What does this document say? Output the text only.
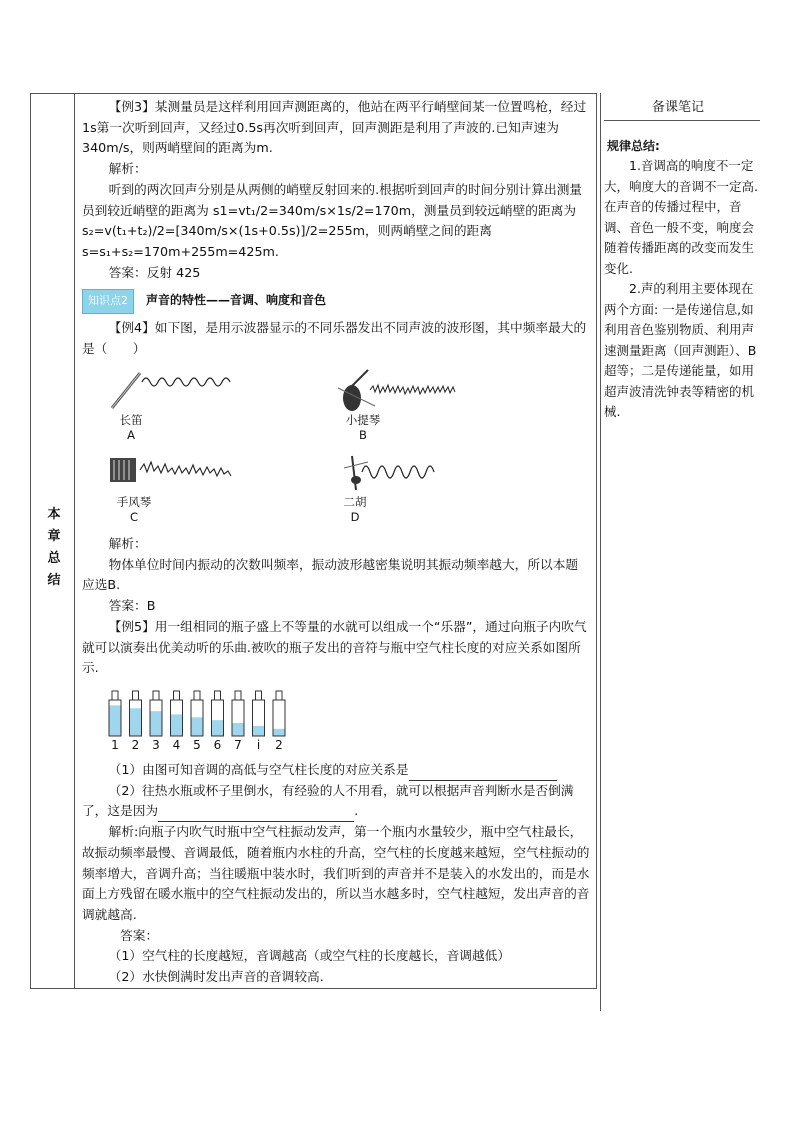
本
章
总
结
备课笔记
规律总结:

1.音调高的响度不一定大，响度大的音调不一定高.在声音的传播过程中，音调、音色一般不变，响度会随着传播距离的改变而发生变化.

2.声的利用主要体现在两个方面: 一是传递信息,如利用音色鉴别物质、利用声速测量距离（回声测距）、B超等；二是传递能量，如用超声波清洗钟表等精密的机械.

【例3】某测量员是这样利用回声测距离的，他站在两平行峭壁间某一位置鸣枪，经过1s第一次听到回声，又经过0.5s再次听到回声，回声测距是利用了声波的.已知声速为340m/s，则两峭壁间的距离为m.

解析：

听到的两次回声分别是从两侧的峭壁反射回来的.根据听到回声的时间分别计算出测量员到较近峭壁的距离为 s1=vt₁/2=340m/s×1s/2=170m，测量员到较远峭壁的距离为 s₂=v(t₁+t₂)/2=[340m/s×(1s+0.5s)]/2=255m，则两峭壁之间的距离s=s₁+s₂=170m+255m=425m.

答案：反射 425

知识点2 声音的特性——音调、响度和音色

【例4】如下图，是用示波器显示的不同乐器发出不同声波的波形图，其中频率最大的是（　　）

长笛
A
小提琴
B
手风琴
C
二胡
D

解析：

物体单位时间内振动的次数叫频率，振动波形越密集说明其振动频率越大，所以本题应选B.

答案：B

【例5】用一组相同的瓶子盛上不等量的水就可以组成一个“乐器”，通过向瓶子内吹气就可以演奏出优美动听的乐曲.被吹的瓶子发出的音符与瓶中空气柱长度的对应关系如图所示.

1 2 3 4 5 6 7	i	2

（1）由图可知音调的高低与空气柱长度的对应关系是

（2）往热水瓶或杯子里倒水，有经验的人不用看，就可以根据声音判断水是否倒满了，这是因为	.

解析:向瓶子内吹气时瓶中空气柱振动发声，第一个瓶内水量较少，瓶中空气柱最长，故振动频率最慢、音调最低，随着瓶内水柱的升高，空气柱的长度越来越短，空气柱振动的频率增大，音调升高；当往暖瓶中装水时，我们听到的声音并不是装入的水发出的，而是水面上方残留在暖水瓶中的空气柱振动发出的，所以当水越多时，空气柱越短，发出声音的音调就越高.

答案：

（1）空气柱的长度越短，音调越高（或空气柱的长度越长，音调越低）

（2）水快倒满时发出声音的音调较高.
